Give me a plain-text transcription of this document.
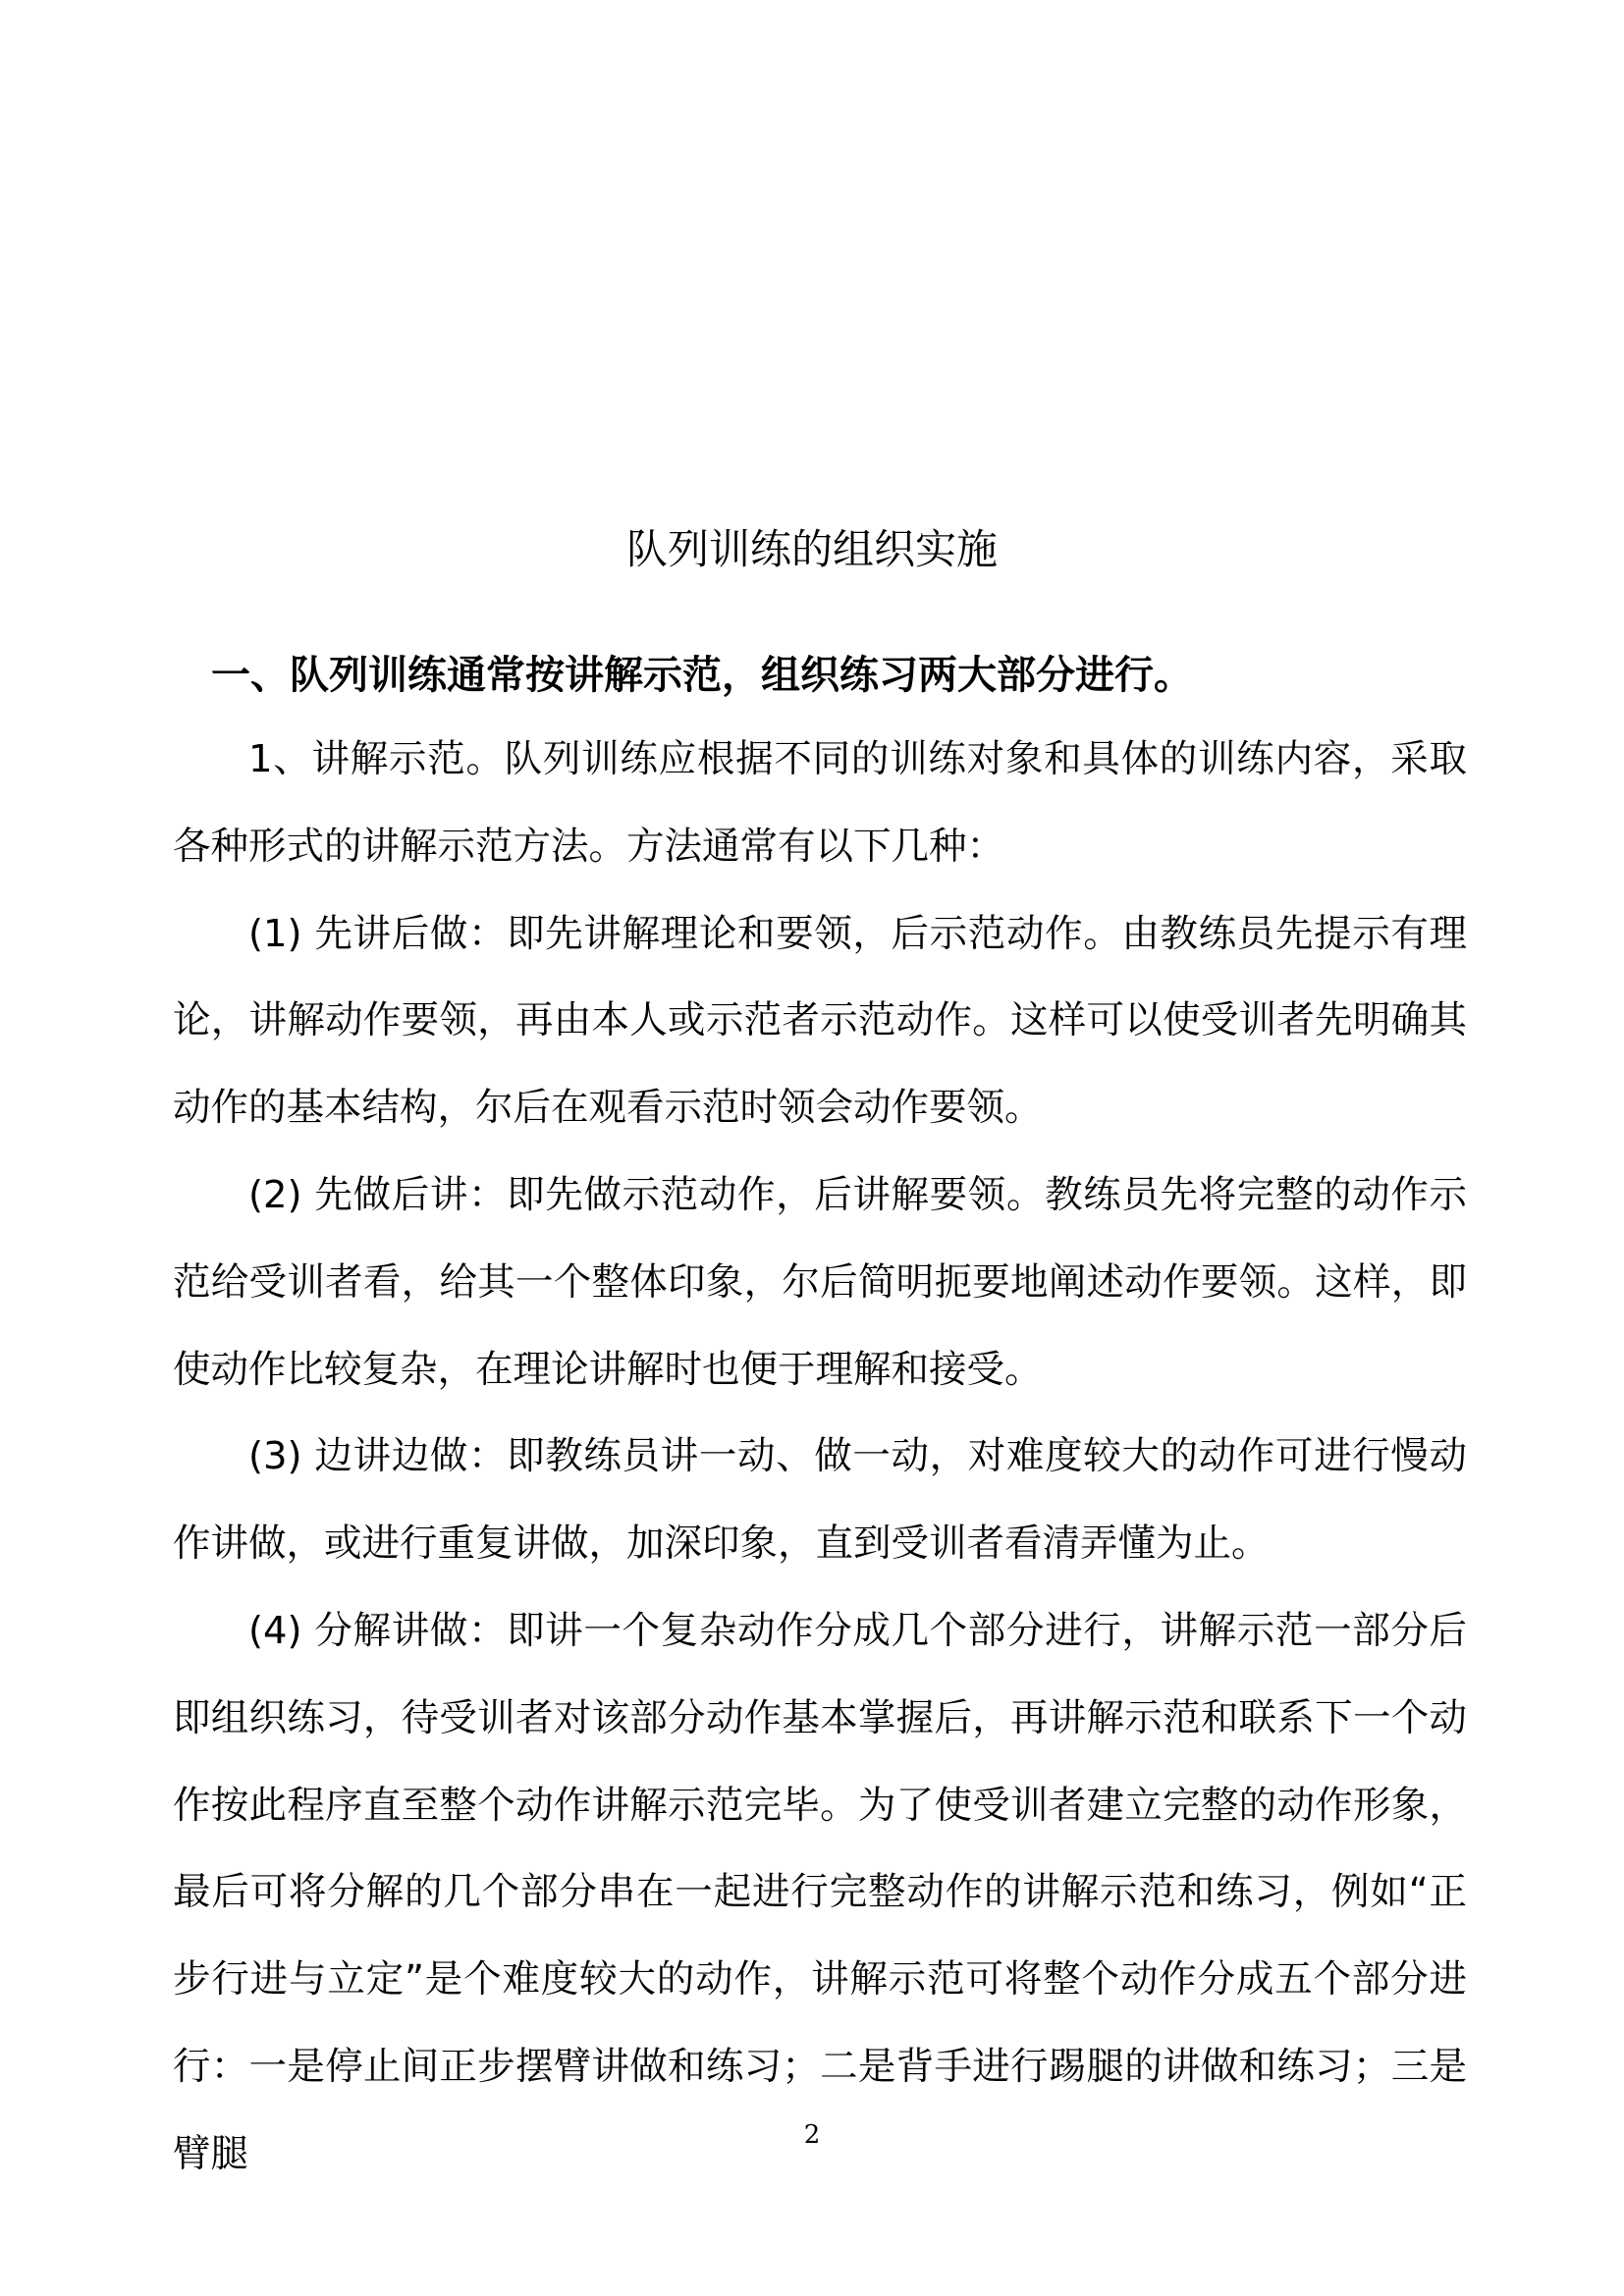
队列训练的组织实施
一、队列训练通常按讲解示范，组织练习两大部分进行。

1、讲解示范。队列训练应根据不同的训练对象和具体的训练内容，采取各种形式的讲解示范方法。方法通常有以下几种：

(1) 先讲后做：即先讲解理论和要领，后示范动作。由教练员先提示有理论，讲解动作要领，再由本人或示范者示范动作。这样可以使受训者先明确其动作的基本结构，尔后在观看示范时领会动作要领。

(2) 先做后讲：即先做示范动作，后讲解要领。教练员先将完整的动作示范给受训者看，给其一个整体印象，尔后简明扼要地阐述动作要领。这样，即使动作比较复杂，在理论讲解时也便于理解和接受。

(3) 边讲边做：即教练员讲一动、做一动，对难度较大的动作可进行慢动作讲做，或进行重复讲做，加深印象，直到受训者看清弄懂为止。

(4) 分解讲做：即讲一个复杂动作分成几个部分进行，讲解示范一部分后即组织练习，待受训者对该部分动作基本掌握后，再讲解示范和联系下一个动作按此程序直至整个动作讲解示范完毕。为了使受训者建立完整的动作形象，最后可将分解的几个部分串在一起进行完整动作的讲解示范和练习，例如“正步行进与立定”是个难度较大的动作，讲解示范可将整个动作分成五个部分进行：一是停止间正步摆臂讲做和练习；二是背手进行踢腿的讲做和练习；三是臂腿	2
